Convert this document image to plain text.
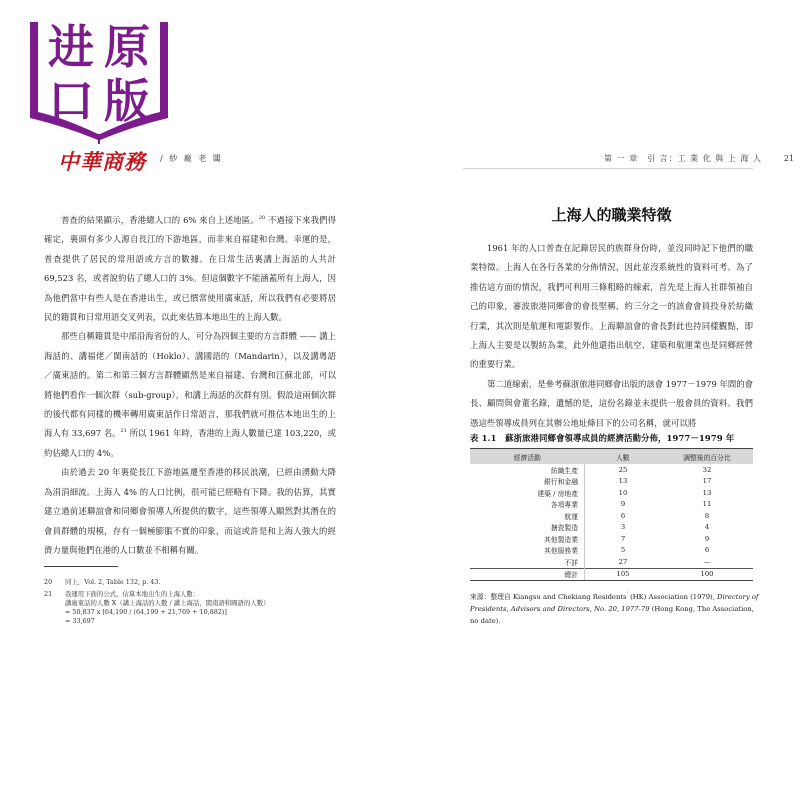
进 原
口 版
中華商務	∕ 紗 廠 老 闆	第 一 章　引 言：工 業 化 與 上 海 人	21

普查的結果顯示，香港總人口的 6% 來自上述地區。$^{20}$ 不過接下來我們得確定，裏頭有多少人源自長江的下游地區，而非來自福建和台灣。幸運的是，普查提供了居民的常用語或方言的數據。在日常生活裏講上海話的人共計 69,523 名，或者說約佔了總人口的 3%。但這個數字不能涵蓋所有上海人，因為他們當中有些人是在香港出生，或已慣常使用廣東話，所以我們有必要將居民的籍貫和日常用語交叉列表，以此來估算本地出生的上海人數。

那些自稱籍貫是中部沿海省份的人，可分為四個主要的方言群體 —— 講上海話的、講福佬／閩南話的（Hoklo）、講國語的（Mandarin），以及講粵語／廣東話的。第二和第三個方言群體顯然是來自福建、台灣和江蘇北部，可以將他們看作一個次群（sub-group），和講上海話的次群有別。假設這兩個次群的後代都有同樣的機率轉用廣東話作日常語言，那我們就可推估本地出生的上海人有 33,697 名。$^{21}$ 所以 1961 年時，香港的上海人數量已達 103,220，或約佔總人口的 4%。

由於過去 20 年裏從長江下游地區遷至香港的移民浪潮，已經由湧動大降為涓涓細流。上海人 4% 的人口比例，很可能已經略有下降。我的估算，其實建立過前述聯誼會和同鄉會領導人所提供的數字，這些領導人顯然對其潛在的會員群體的規模，存有一個極膨脹不實的印象，而這或許是和上海人強大的經濟力量與他們在港的人口數並不相稱有關。

20 同上，Vol. 2, Table 132, p. 43.
21 我運用下面的公式，估算本地出生的上海人數：
講廣東話的人數 X（講上海話的人數 ∕ 講上海話、閩南語和國語的人數）
= 50,837 x [64,190 ∕ (64,190 + 21,769 + 10,882)]
= 33,697
上海人的職業特徵

1961 年的人口普查在記錄居民的族群身份時，並沒同時記下他們的職業特徵。上海人在各行各業的分佈情況，因此並沒系統性的資料可考。為了推估這方面的情況，我們可利用三條粗略的線索，首先是上海人社群領袖自己的印象，審波旅港同鄉會的會長堅稱，約三分之一的該會會員投身於紡織行業，其次則是航運和電影製作。上海聯誼會的會長對此也持同樣觀點，即上海人主要是以製紡為業，此外他還指出航空、建築和航運業也是同鄉經營的重要行業。

第二道線索，是參考蘇浙旅港同鄉會出版的該會 1977－1979 年間的會長、顧問與會董名錄，遺憾的是，這份名錄並未提供一般會員的資料。我們憑這些領導成員列在其辦公地址條目下的公司名稱，就可以將

表 1.1　蘇浙旅港同鄉會領導成員的經濟活動分佈，1977－1979 年
經濟活動	人數	調整後的百分比
紡織生產	25	32
銀行和金融	13	17
建築 ∕ 房地產	10	13
各項專業	9	11
航運	6	8
搪瓷製造	3	4
其他製造業	7	9
其他服務業	5	6
不詳	27	—
總計	105	100
來源：整理自 Kiangsu and Chekiang Residents' (HK) Association (1979), Directory of Presidents, Advisors and Directors, No. 20, 1977-79 (Hong Kong, The Association, no date).
